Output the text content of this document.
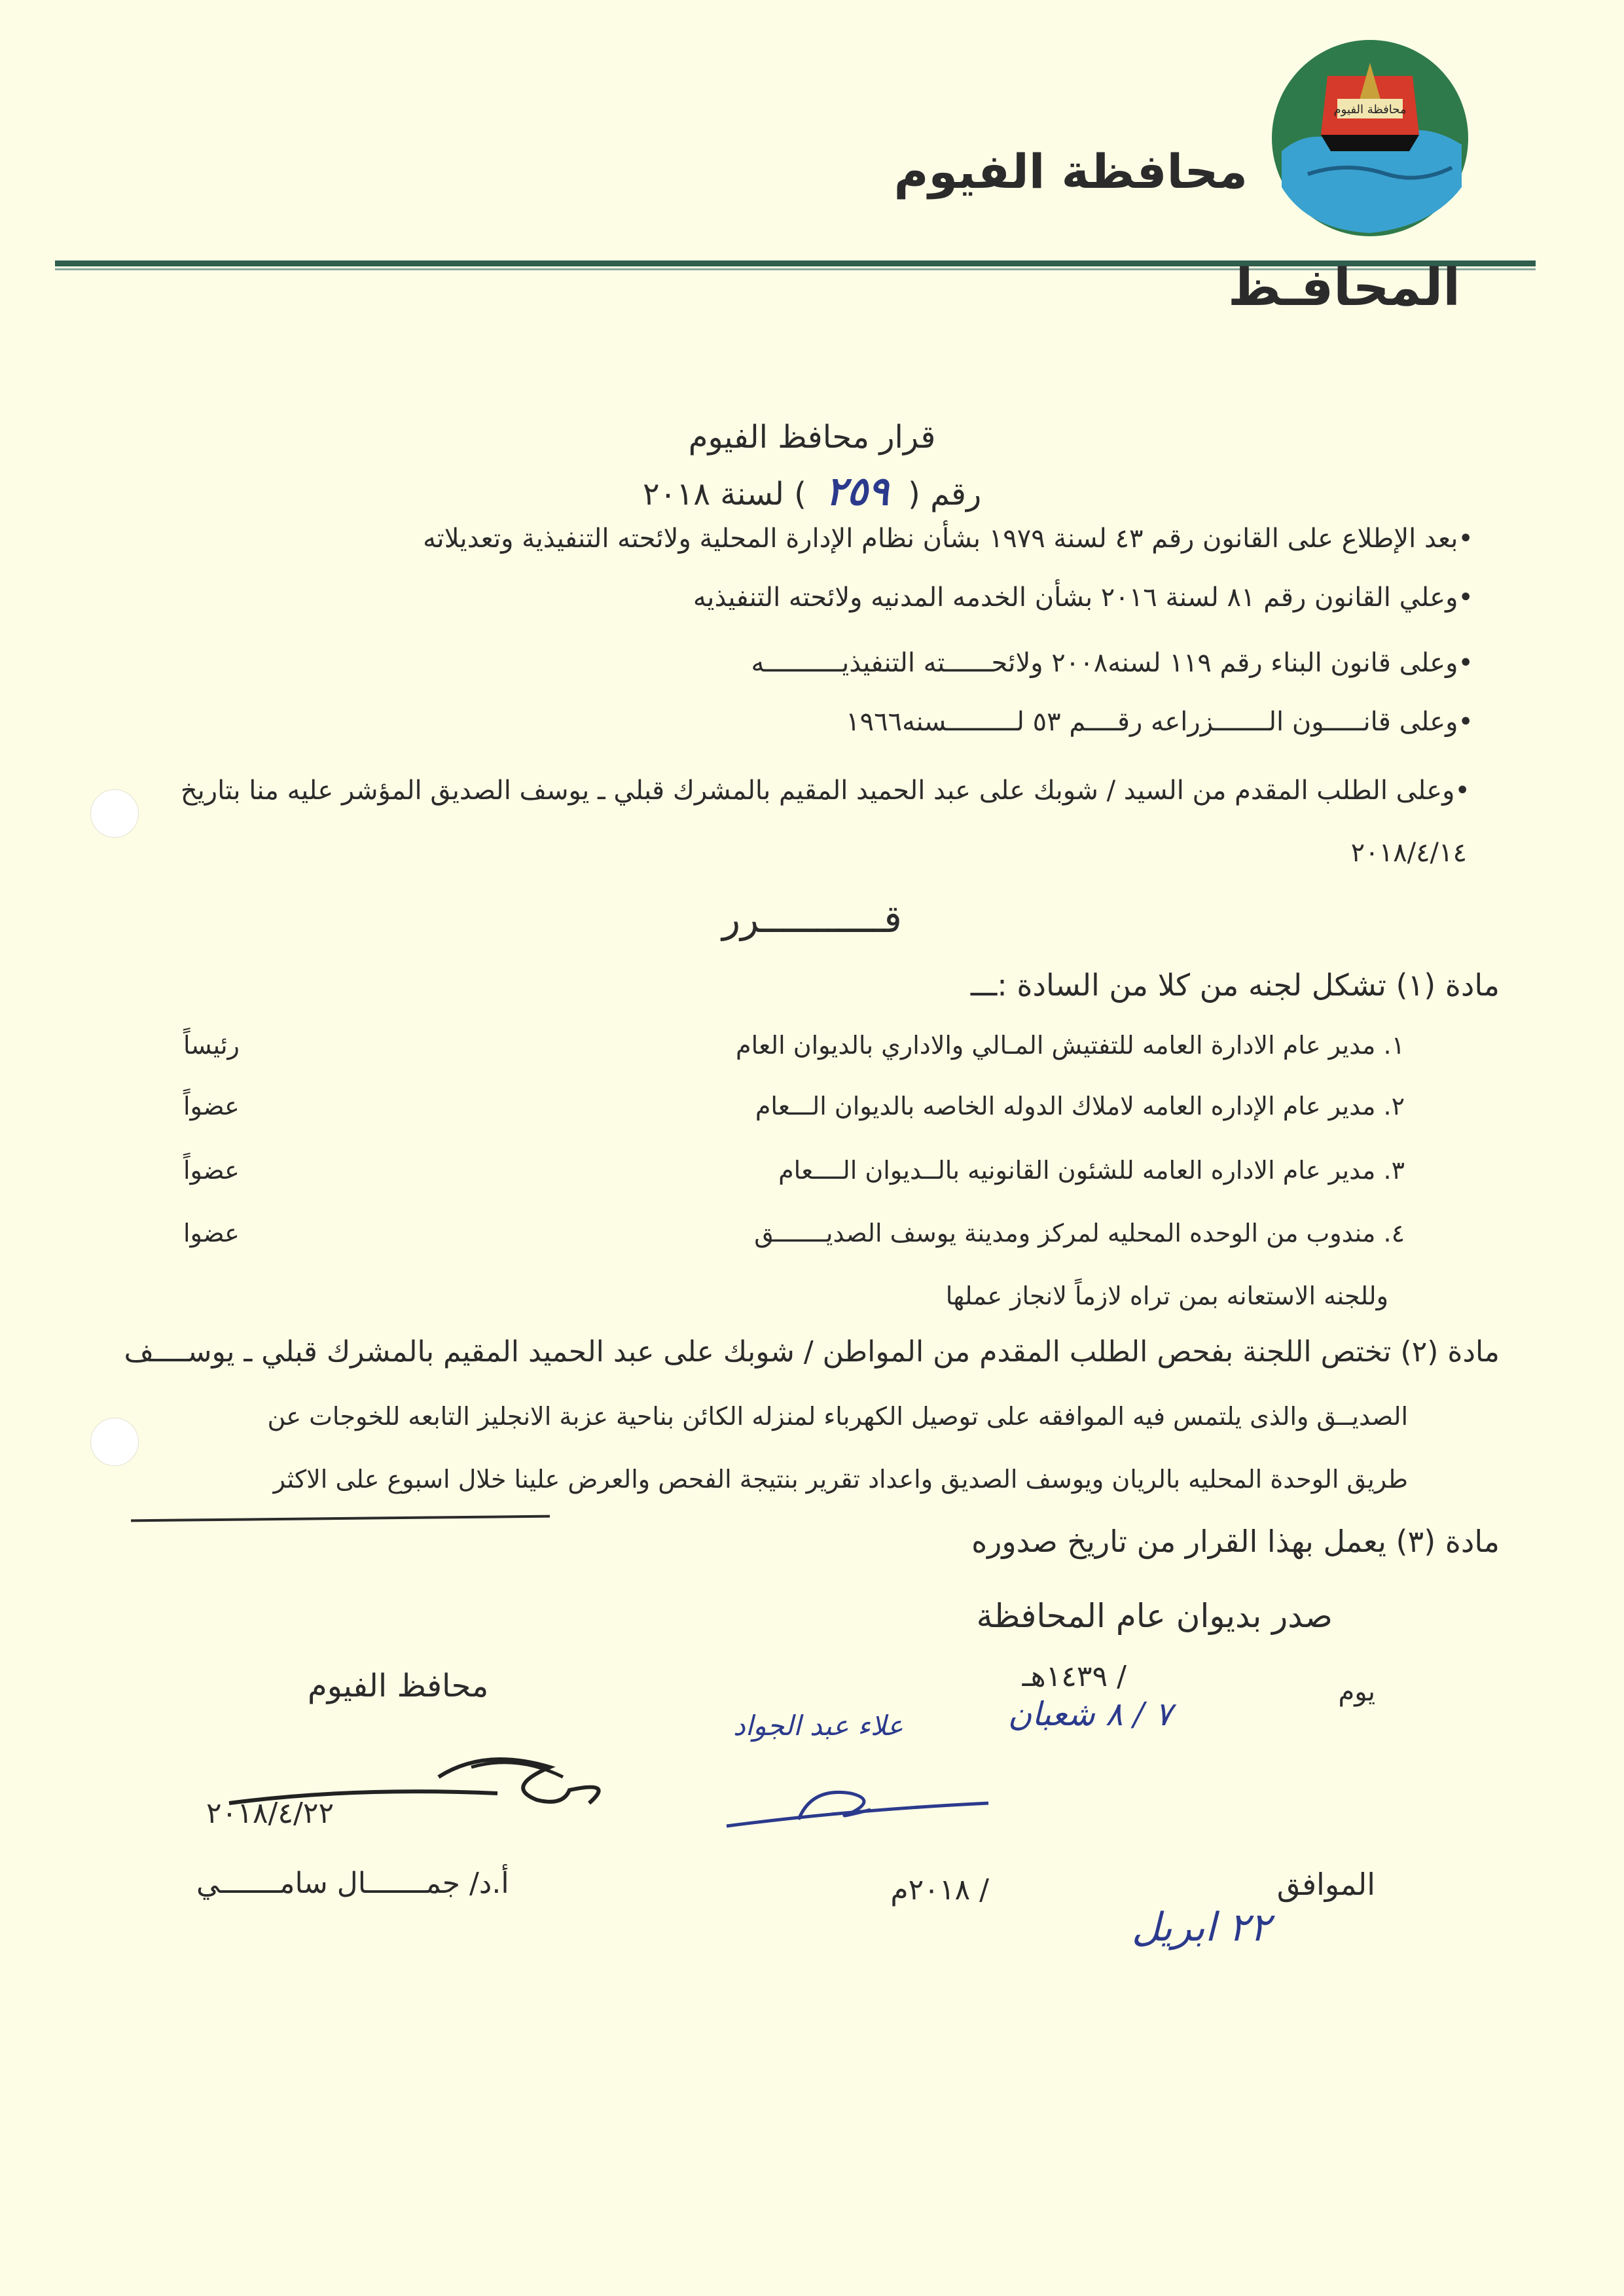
محافظة الفيوم
محافظة الفيوم
المحافـظ
قرار محافظ الفيوم
رقم ( ٢٥٩ ) لسنة ٢٠١٨
•بعد الإطلاع على القانون رقم ٤٣ لسنة ١٩٧٩ بشأن نظام الإدارة المحلية ولائحته التنفيذية وتعديلاته
•وعلي القانون رقم ٨١ لسنة ٢٠١٦ بشأن الخدمه المدنيه ولائحته التنفيذيه
•وعلى قانون البناء رقم ١١٩ لسنه٢٠٠٨ ولائحــــــته التنفيذيــــــــــه
•وعلى قانـــــون الـــــــزراعه رقــــم ٥٣ لـــــــــسنه١٩٦٦
•وعلى الطلب المقدم من السيد / شوبك على عبد الحميد المقيم بالمشرك قبلي ـ يوسف الصديق المؤشر عليه منا بتاريخ
٢٠١٨/٤/١٤
قـــــــــــرر
مادة (١) تشكل لجنه من كلا من السادة :ـــ
١. مدير عام الادارة العامه للتفتيش المـالي والاداري بالديوان العام
رئيساً
٢. مدير عام الإداره العامه لاملاك الدوله الخاصه بالديوان الـــعام
عضواً
٣. مدير عام الاداره العامه للشئون القانونيه بالــديوان الــــعام
عضواً
٤. مندوب من الوحده المحليه لمركز ومدينة يوسف الصديـــــــق
عضوا
وللجنه الاستعانه بمن تراه لازماً لانجاز عملها
مادة (٢) تختص اللجنة بفحص الطلب المقدم من المواطن / شوبك على عبد الحميد المقيم بالمشرك قبلي ـ يوســــف
الصديــق والذى يلتمس فيه الموافقه على توصيل الكهرباء لمنزله الكائن بناحية عزبة الانجليز التابعه للخوجات عن
طريق الوحدة المحليه بالريان ويوسف الصديق واعداد تقرير بنتيجة الفحص والعرض علينا خلال اسبوع على الاكثر
مادة (٣) يعمل بهذا القرار من تاريخ صدوره
صدر بديوان عام المحافظة
يوم
/ ١٤٣٩هـ
٧ / ٨ شعبان
الموافق
/ ٢٠١٨م
٢٢ ابريل
محافظ الفيوم
٢٠١٨/٤/٢٢
أ.د/ جمـــــــال سامـــــــي
علاء عبد الجواد
